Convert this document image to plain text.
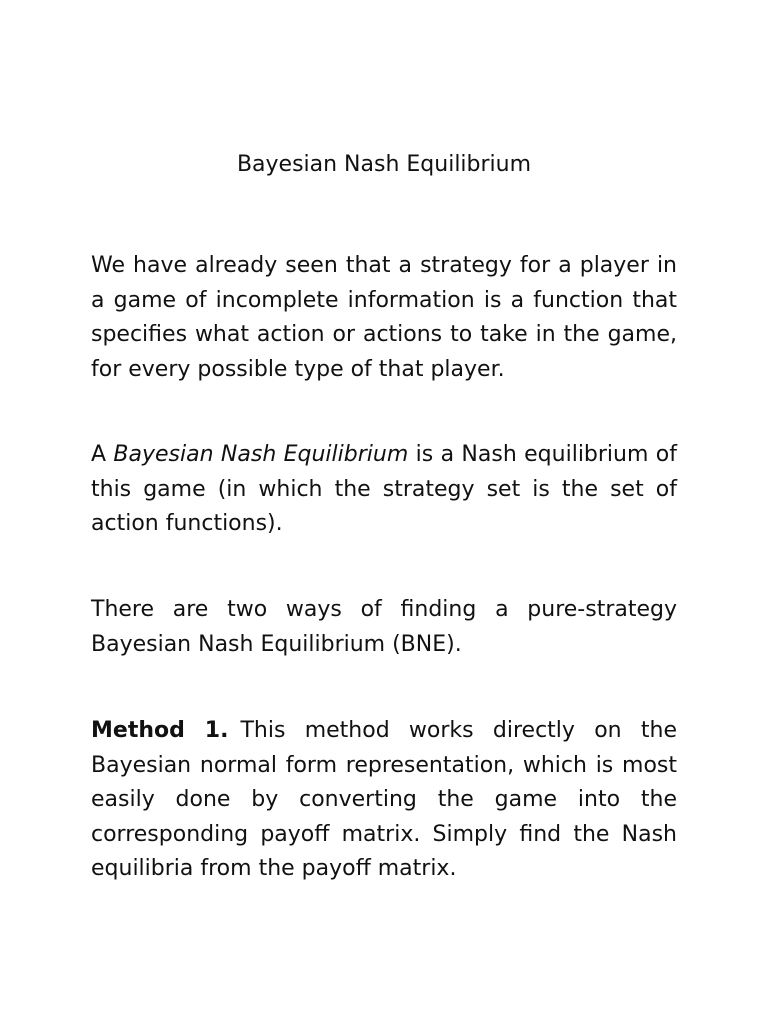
Bayesian Nash Equilibrium

We have already seen that a strategy for a player in a game of incomplete information is a function that specifies what action or actions to take in the game, for every possible type of that player.

A Bayesian Nash Equilibrium is a Nash equilibrium of this game (in which the strategy set is the set of action functions).

There are two ways of finding a pure-strategy Bayesian Nash Equilibrium (BNE).

Method 1. This method works directly on the Bayesian normal form representation, which is most easily done by converting the game into the corresponding payoff matrix. Simply find the Nash equilibria from the payoff matrix.
